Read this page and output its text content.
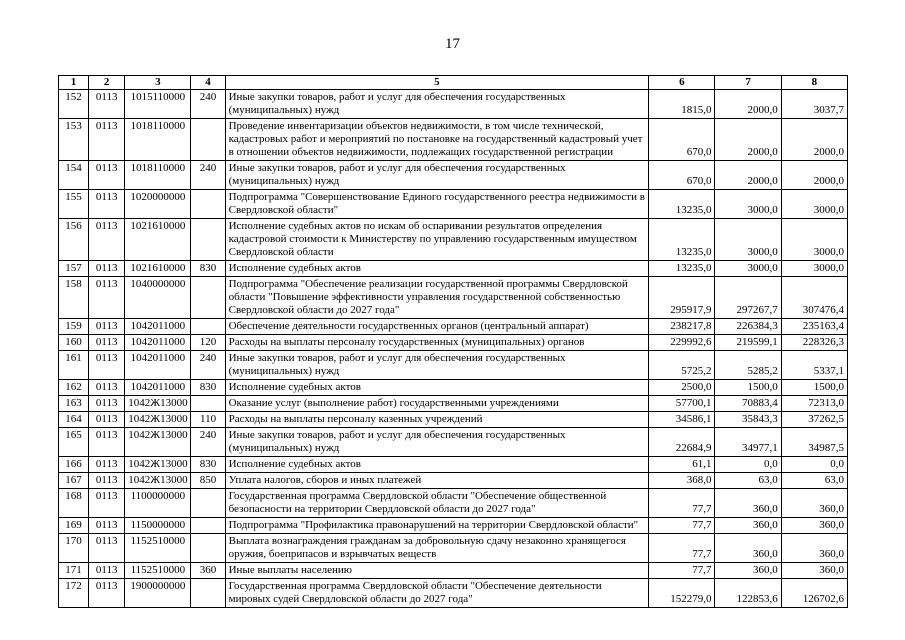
17
1	2	3	4	5	6	7	8
152	0113	1015110000	240	Иные закупки товаров, работ и услуг для обеспечения государственных (муниципальных) нужд	1815,0	2000,0	3037,7
153	0113	1018110000		Проведение инвентаризации объектов недвижимости, в том числе технической, кадастровых работ и мероприятий по постановке на государственный кадастровый учет в отношении объектов недвижимости, подлежащих государственной регистрации	670,0	2000,0	2000,0
154	0113	1018110000	240	Иные закупки товаров, работ и услуг для обеспечения государственных (муниципальных) нужд	670,0	2000,0	2000,0
155	0113	1020000000		Подпрограмма "Совершенствование Единого государственного реестра недвижимости в Свердловской области"	13235,0	3000,0	3000,0
156	0113	1021610000		Исполнение судебных актов по искам об оспаривании результатов определения кадастровой стоимости к Министерству по управлению государственным имуществом Свердловской области	13235,0	3000,0	3000,0
157	0113	1021610000	830	Исполнение судебных актов	13235,0	3000,0	3000,0
158	0113	1040000000		Подпрограмма "Обеспечение реализации государственной программы Свердловской области "Повышение эффективности управления государственной собственностью Свердловской области до 2027 года"	295917,9	297267,7	307476,4
159	0113	1042011000		Обеспечение деятельности государственных органов (центральный аппарат)	238217,8	226384,3	235163,4
160	0113	1042011000	120	Расходы на выплаты персоналу государственных (муниципальных) органов	229992,6	219599,1	228326,3
161	0113	1042011000	240	Иные закупки товаров, работ и услуг для обеспечения государственных (муниципальных) нужд	5725,2	5285,2	5337,1
162	0113	1042011000	830	Исполнение судебных актов	2500,0	1500,0	1500,0
163	0113	1042Ж13000		Оказание услуг (выполнение работ) государственными учреждениями	57700,1	70883,4	72313,0
164	0113	1042Ж13000	110	Расходы на выплаты персоналу казенных учреждений	34586,1	35843,3	37262,5
165	0113	1042Ж13000	240	Иные закупки товаров, работ и услуг для обеспечения государственных (муниципальных) нужд	22684,9	34977,1	34987,5
166	0113	1042Ж13000	830	Исполнение судебных актов	61,1	0,0	0,0
167	0113	1042Ж13000	850	Уплата налогов, сборов и иных платежей	368,0	63,0	63,0
168	0113	1100000000		Государственная программа Свердловской области "Обеспечение общественной безопасности на территории Свердловской области до 2027 года"	77,7	360,0	360,0
169	0113	1150000000		Подпрограмма "Профилактика правонарушений на территории Свердловской области"	77,7	360,0	360,0
170	0113	1152510000		Выплата вознаграждения гражданам за добровольную сдачу незаконно хранящегося оружия, боеприпасов и взрывчатых веществ	77,7	360,0	360,0
171	0113	1152510000	360	Иные выплаты населению	77,7	360,0	360,0
172	0113	1900000000		Государственная программа Свердловской области "Обеспечение деятельности мировых судей Свердловской области до 2027 года"	152279,0	122853,6	126702,6
